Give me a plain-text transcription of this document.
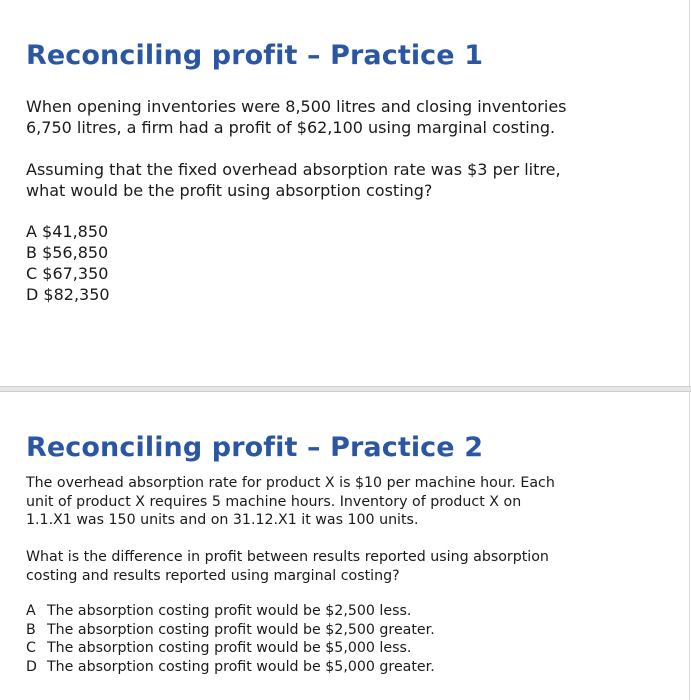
Reconciling profit – Practice 1

When opening inventories were 8,500 litres and closing inventories
6,750 litres, a firm had a profit of $62,100 using marginal costing.

Assuming that the fixed overhead absorption rate was $3 per litre,
what would be the profit using absorption costing?

A $41,850
B $56,850
C $67,350
D $82,350
Reconciling profit – Practice 2

The overhead absorption rate for product X is $10 per machine hour. Each
unit of product X requires 5 machine hours. Inventory of product X on
1.1.X1 was 150 units and on 31.12.X1 it was 100 units.

What is the difference in profit between results reported using absorption
costing and results reported using marginal costing?

A The absorption costing profit would be $2,500 less.
B The absorption costing profit would be $2,500 greater.
C The absorption costing profit would be $5,000 less.
D The absorption costing profit would be $5,000 greater.
